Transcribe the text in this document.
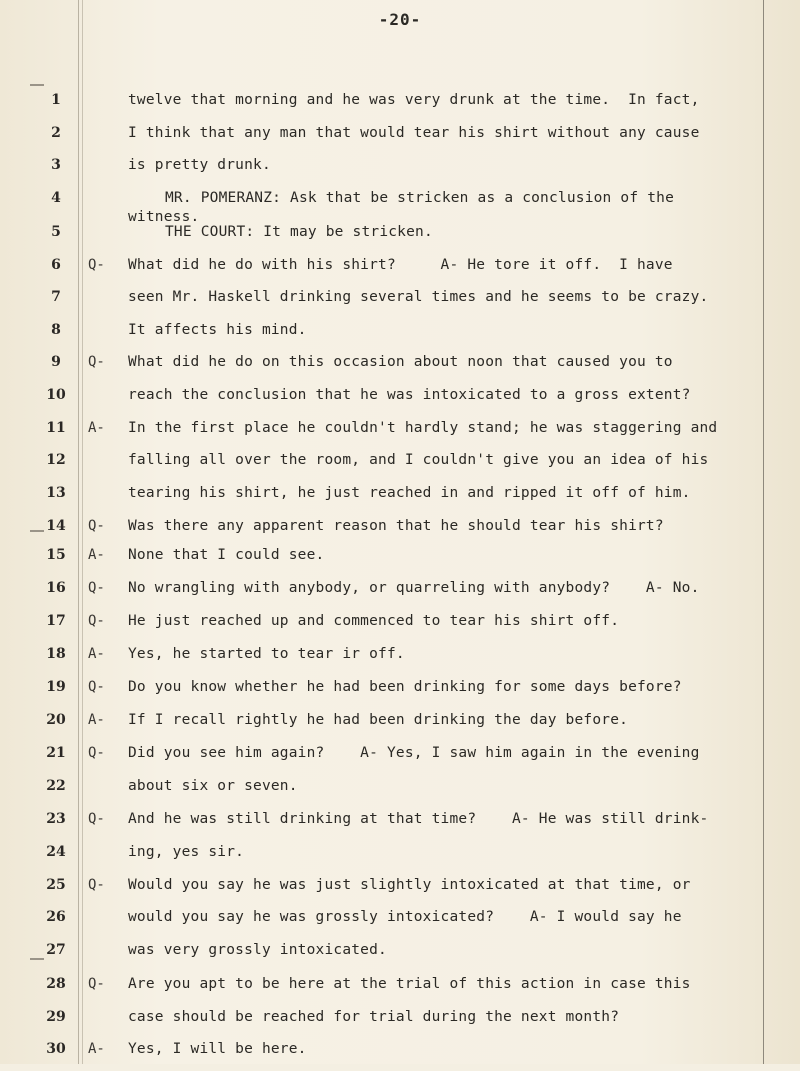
-20-
1	twelve that morning and he was very drunk at the time.  In fact,
2	I think that any man that would tear his shirt without any cause
3	is pretty drunk.
4	MR. POMERANZ: Ask that be stricken as a conclusion of the
witness.
5	THE COURT: It may be stricken.
6	Q-	What did he do with his shirt?     A- He tore it off.  I have
7	seen Mr. Haskell drinking several times and he seems to be crazy.
8	It affects his mind.
9	Q-	What did he do on this occasion about noon that caused you to
10	reach the conclusion that he was intoxicated to a gross extent?
11	A-	In the first place he couldn't hardly stand; he was staggering and
12	falling all over the room, and I couldn't give you an idea of his
13	tearing his shirt, he just reached in and ripped it off of him.
14	Q-	Was there any apparent reason that he should tear his shirt?
15	A-	None that I could see.
16	Q-	No wrangling with anybody, or quarreling with anybody?    A- No.
17	Q-	He just reached up and commenced to tear his shirt off.
18	A-	Yes, he started to tear ir off.
19	Q-	Do you know whether he had been drinking for some days before?
20	A-	If I recall rightly he had been drinking the day before.
21	Q-	Did you see him again?    A- Yes, I saw him again in the evening
22	about six or seven.
23	Q-	And he was still drinking at that time?    A- He was still drink-
24	ing, yes sir.
25	Q-	Would you say he was just slightly intoxicated at that time, or
26	would you say he was grossly intoxicated?    A- I would say he
27	was very grossly intoxicated.
28	Q-	Are you apt to be here at the trial of this action in case this
29	case should be reached for trial during the next month?
30	A-	Yes, I will be here.
